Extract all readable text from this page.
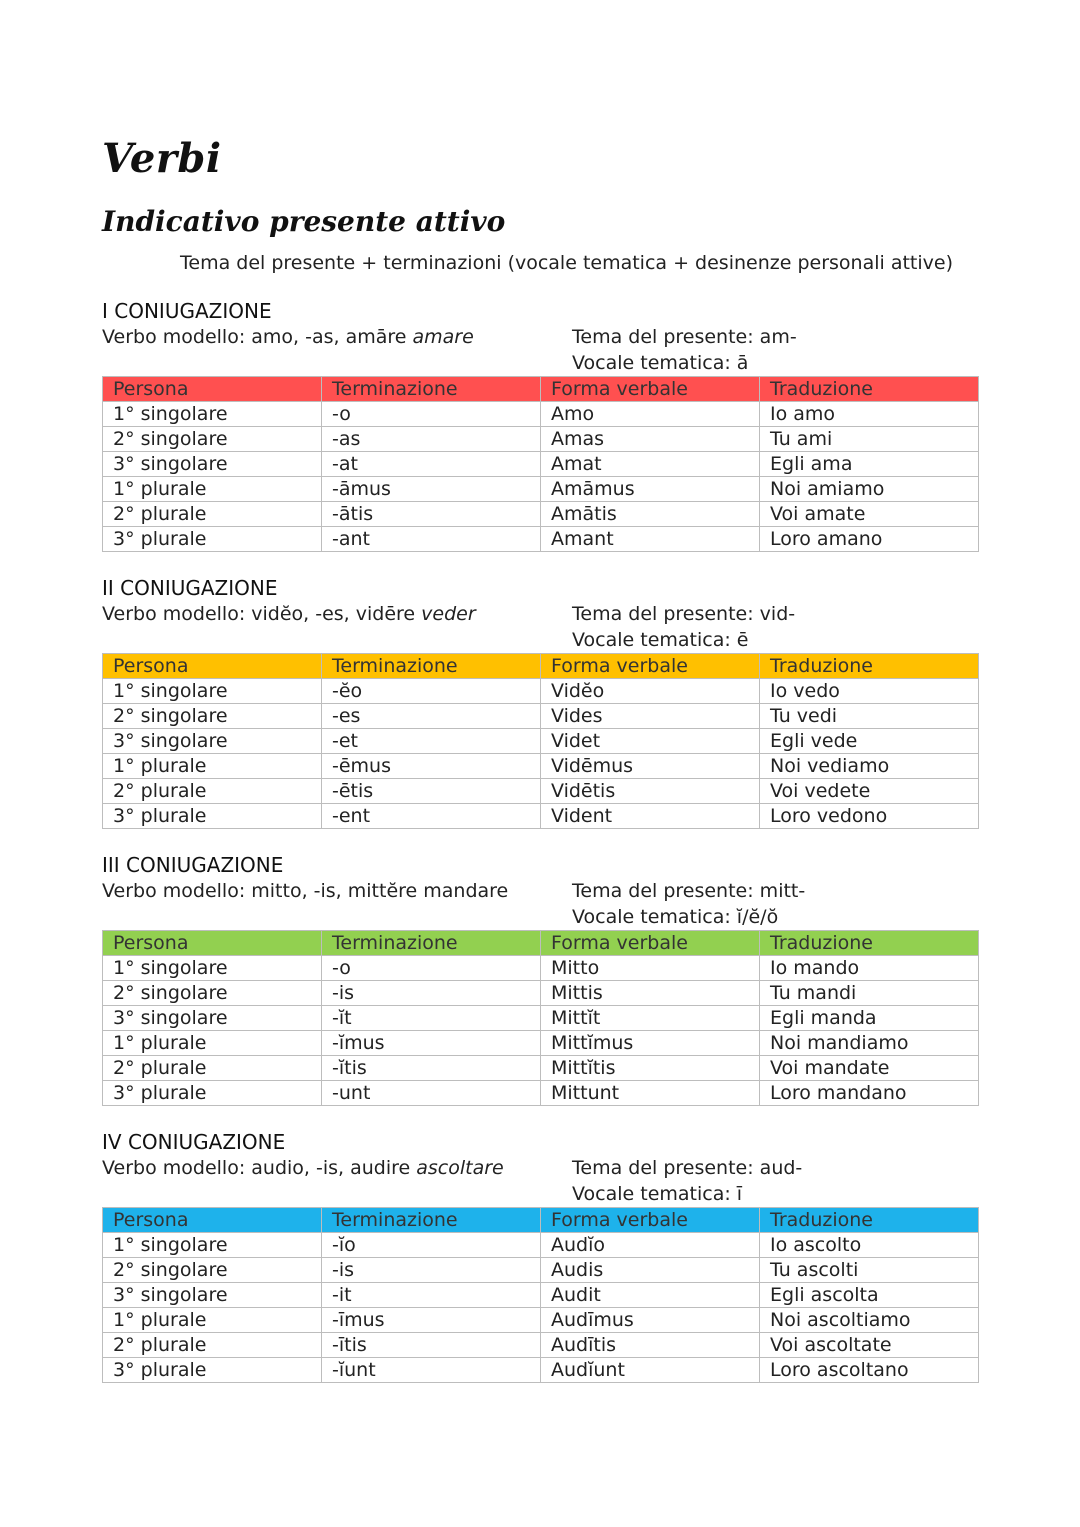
Verbi
Indicativo presente attivo
Tema del presente + terminazioni (vocale tematica + desinenze personali attive)
I CONIUGAZIONE
Verbo modello: amo, -as, amāre amare	Tema del presente: am-
Vocale tematica: ā
Persona	Terminazione	Forma verbale	Traduzione
1° singolare	-o	Amo	Io amo
2° singolare	-as	Amas	Tu ami
3° singolare	-at	Amat	Egli ama
1° plurale	-āmus	Amāmus	Noi amiamo
2° plurale	-ātis	Amātis	Voi amate
3° plurale	-ant	Amant	Loro amano
II CONIUGAZIONE
Verbo modello: vidĕo, -es, vidēre veder	Tema del presente: vid-
Vocale tematica: ē
Persona	Terminazione	Forma verbale	Traduzione
1° singolare	-ĕo	Vidĕo	Io vedo
2° singolare	-es	Vides	Tu vedi
3° singolare	-et	Videt	Egli vede
1° plurale	-ēmus	Vidēmus	Noi vediamo
2° plurale	-ētis	Vidētis	Voi vedete
3° plurale	-ent	Vident	Loro vedono
III CONIUGAZIONE
Verbo modello: mitto, -is, mittĕre mandare	Tema del presente: mitt-
Vocale tematica: ĭ/ĕ/ŏ
Persona	Terminazione	Forma verbale	Traduzione
1° singolare	-o	Mitto	Io mando
2° singolare	-is	Mittis	Tu mandi
3° singolare	-ĭt	Mittĭt	Egli manda
1° plurale	-ĭmus	Mittĭmus	Noi mandiamo
2° plurale	-ĭtis	Mittĭtis	Voi mandate
3° plurale	-unt	Mittunt	Loro mandano
IV CONIUGAZIONE
Verbo modello: audio, -is, audire ascoltare	Tema del presente: aud-
Vocale tematica: ī
Persona	Terminazione	Forma verbale	Traduzione
1° singolare	-ĭo	Audĭo	Io ascolto
2° singolare	-is	Audis	Tu ascolti
3° singolare	-it	Audit	Egli ascolta
1° plurale	-īmus	Audīmus	Noi ascoltiamo
2° plurale	-ītis	Audītis	Voi ascoltate
3° plurale	-ĭunt	Audĭunt	Loro ascoltano
